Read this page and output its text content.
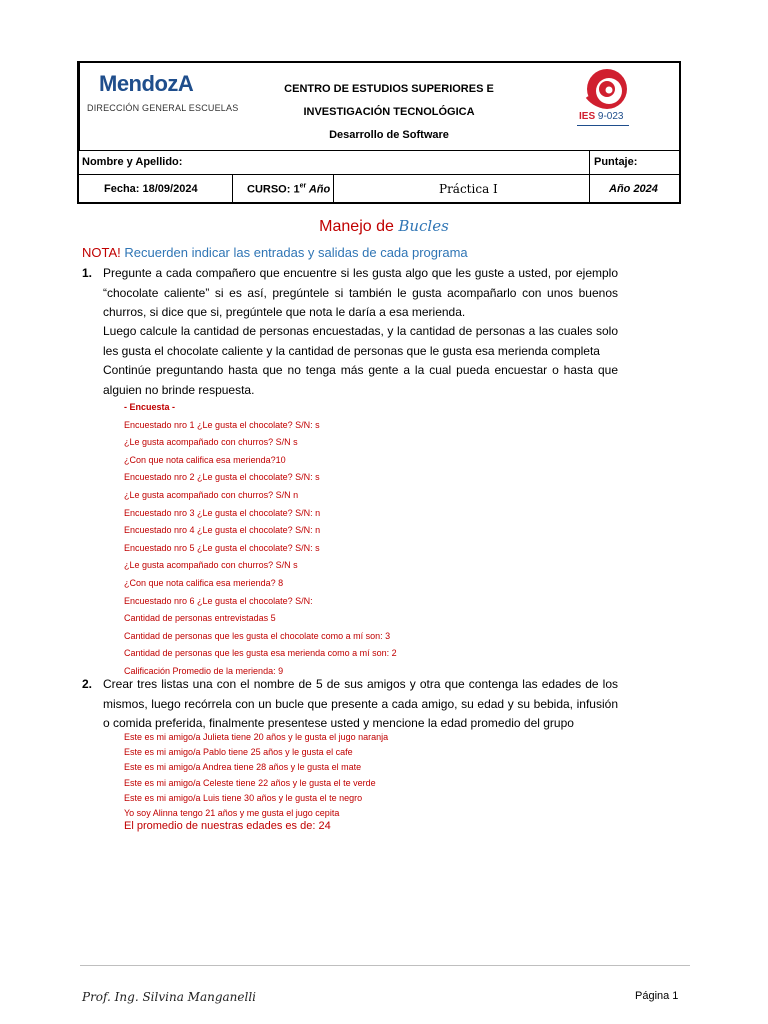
MendozA
DIRECCIÓN GENERAL ESCUELAS
CENTRO DE ESTUDIOS SUPERIORES E
INVESTIGACIÓN TECNOLÓGICA
Desarrollo de Software
IES 9-023
Nombre y Apellido:	Puntaje:
Fecha: 18/09/2024	CURSO: 1er Año	Práctica I	Año 2024
Manejo de Bucles
NOTA! Recuerden indicar las entradas y salidas de cada programa
1. Pregunte a cada compañero que encuentre si les gusta algo que les guste a usted, por ejemplo “chocolate caliente” si es así, pregúntele si también le gusta acompañarlo con unos buenos churros, si dice que si, pregúntele que nota le daría a esa merienda.
Luego calcule la cantidad de personas encuestadas, y la cantidad de personas a las cuales solo les gusta el chocolate caliente y la cantidad de personas que le gusta esa merienda completa
Continúe preguntando hasta que no tenga más gente a la cual pueda encuestar o hasta que alguien no brinde respuesta.
- Encuesta -
Encuestado nro 1 ¿Le gusta el chocolate? S/N: s
¿Le gusta acompañado con churros? S/N s
¿Con que nota califica esa merienda?10
Encuestado nro 2 ¿Le gusta el chocolate? S/N: s
¿Le gusta acompañado con churros? S/N n
Encuestado nro 3 ¿Le gusta el chocolate? S/N: n
Encuestado nro 4 ¿Le gusta el chocolate? S/N: n
Encuestado nro 5 ¿Le gusta el chocolate? S/N: s
¿Le gusta acompañado con churros? S/N s
¿Con que nota califica esa merienda? 8
Encuestado nro 6 ¿Le gusta el chocolate? S/N:
Cantidad de personas entrevistadas 5
Cantidad de personas que les gusta el chocolate como a mí son: 3
Cantidad de personas que les gusta esa merienda como a mí son: 2
Calificación Promedio de la merienda: 9
2. Crear tres listas una con el nombre de 5 de sus amigos y otra que contenga las edades de los mismos, luego recórrela con un bucle que presente a cada amigo, su edad y su bebida, infusión o comida preferida, finalmente presentese usted y mencione la edad promedio del grupo
Este es mi amigo/a Julieta tiene 20 años y le gusta el jugo naranja
Este es mi amigo/a Pablo tiene 25 años y le gusta el cafe
Este es mi amigo/a Andrea tiene 28 años y le gusta el mate
Este es mi amigo/a Celeste tiene 22 años y le gusta el te verde
Este es mi amigo/a Luis tiene 30 años y le gusta el te negro
Yo soy Alinna tengo 21 años y me gusta el jugo cepita
El promedio de nuestras edades es de: 24
Prof. Ing. Silvina Manganelli	Página 1
